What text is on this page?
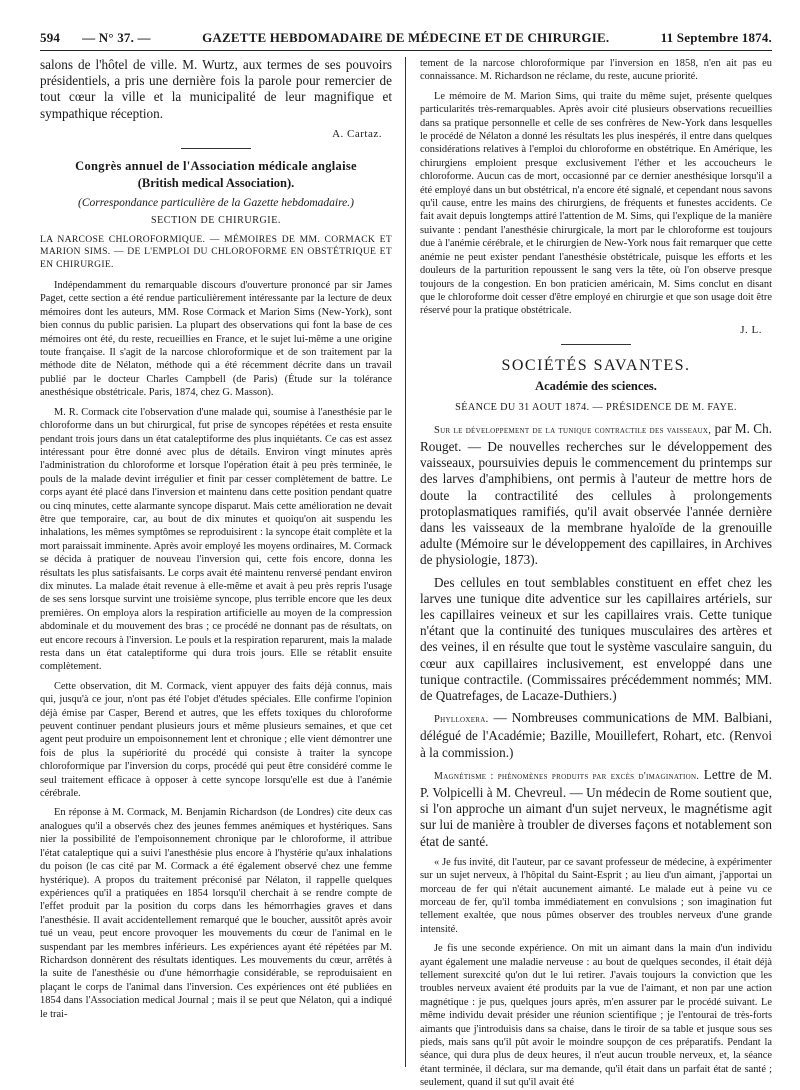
594 — N° 37. —	GAZETTE HEBDOMADAIRE DE MÉDECINE ET DE CHIRURGIE.	11 Septembre 1874.

salons de l'hôtel de ville. M. Wurtz, aux termes de ses pouvoirs présidentiels, a pris une dernière fois la parole pour remercier de tout cœur la ville et la municipalité de leur magnifique et sympathique réception.

A. Cartaz.
Congrès annuel de l'Association médicale anglaise
(British medical Association).
(Correspondance particulière de la Gazette hebdomadaire.)
SECTION DE CHIRURGIE.

LA NARCOSE CHLOROFORMIQUE. — MÉMOIRES DE MM. CORMACK ET MARION SIMS. — DE L'EMPLOI DU CHLOROFORME EN OBSTÉTRIQUE ET EN CHIRURGIE.

Indépendamment du remarquable discours d'ouverture prononcé par sir James Paget, cette section a été rendue particulièrement intéressante par la lecture de deux mémoires dont les auteurs, MM. Rose Cormack et Marion Sims (New-York), sont bien connus du public parisien. La plupart des observations qui font la base de ces mémoires ont été, du reste, recueillies en France, et le sujet lui-même a une origine toute française. Il s'agit de la narcose chloroformique et de son traitement par la méthode dite de Nélaton, méthode qui a été récemment décrite dans un travail publié par le docteur Charles Campbell (de Paris) (Étude sur la tolérance anesthésique obstétricale. Paris, 1874, chez G. Masson).

M. R. Cormack cite l'observation d'une malade qui, soumise à l'anesthésie par le chloroforme dans un but chirurgical, fut prise de syncopes répétées et resta ensuite pendant trois jours dans un état cataleptiforme des plus inquiétants. Ce cas est assez intéressant pour être donné avec plus de détails. Environ vingt minutes après l'administration du chloroforme et lorsque l'opération était à peu près terminée, le pouls de la malade devint irrégulier et finit par cesser complètement de battre. Le corps ayant été placé dans l'inversion et maintenu dans cette position pendant quatre ou cinq minutes, cette alarmante syncope disparut. Mais cette amélioration ne devait être que temporaire, car, au bout de dix minutes et quoiqu'on ait suspendu les inhalations, les mêmes symptômes se reproduisirent : la syncope était complète et la mort paraissait imminente. Après avoir employé les moyens ordinaires, M. Cormack se décida à pratiquer de nouveau l'inversion qui, cette fois encore, donna les résultats les plus satisfaisants. Le corps avait été maintenu renversé pendant environ dix minutes. La malade était revenue à elle-même et avait à peu près repris l'usage de ses sens lorsque survint une troisième syncope, plus terrible encore que les deux premières. On employa alors la respiration artificielle au moyen de la compression abdominale et du mouvement des bras ; ce procédé ne donnant pas de résultats, on eut encore recours à l'inversion. Le pouls et la respiration reparurent, mais la malade resta dans un état cataleptiforme qui dura trois jours. Elle se rétablit ensuite complètement.

Cette observation, dit M. Cormack, vient appuyer des faits déjà connus, mais qui, jusqu'à ce jour, n'ont pas été l'objet d'études spéciales. Elle confirme l'opinion déjà émise par Casper, Berend et autres, que les effets toxiques du chloroforme peuvent continuer pendant plusieurs jours et même plusieurs semaines, et que cet agent peut produire un empoisonnement lent et chronique ; elle vient démontrer une fois de plus la supériorité du procédé qui consiste à traiter la syncope chloroformique par l'inversion du corps, procédé qui peut être considéré comme le seul traitement efficace à opposer à cette syncope lorsqu'elle est due à l'anémie cérébrale.

En réponse à M. Cormack, M. Benjamin Richardson (de Londres) cite deux cas analogues qu'il a observés chez des jeunes femmes anémiques et hystériques. Sans nier la possibilité de l'empoisonnement chronique par le chloroforme, il attribue l'état cataleptique qui a suivi l'anesthésie plus encore à l'hystérie qu'aux inhalations du poison (le cas cité par M. Cormack a été également observé chez une femme hystérique). A propos du traitement préconisé par Nélaton, il rappelle quelques expériences qu'il a pratiquées en 1854 lorsqu'il cherchait à se rendre compte de l'effet produit par la position du corps dans les hémorrhagies graves et dans l'anesthésie. Il avait accidentellement remarqué que le boucher, aussitôt après avoir tué un veau, peut encore provoquer les mouvements du cœur de l'animal en le suspendant par les membres inférieurs. Les expériences ayant été répétées par M. Richardson donnèrent des résultats identiques. Les mouvements du cœur, arrêtés à la suite de l'anesthésie ou d'une hémorrhagie considérable, se reproduisaient en plaçant le corps de l'animal dans l'inversion. Ces expériences ont été publiées en 1854 dans l'Association medical Journal ; mais il se peut que Nélaton, qui a indiqué le trai-

tement de la narcose chloroformique par l'inversion en 1858, n'en ait pas eu connaissance. M. Richardson ne réclame, du reste, aucune priorité.

Le mémoire de M. Marion Sims, qui traite du même sujet, présente quelques particularités très-remarquables. Après avoir cité plusieurs observations recueillies dans sa pratique personnelle et celle de ses confrères de New-York dans lesquelles le procédé de Nélaton a donné les résultats les plus inespérés, il entre dans quelques considérations relatives à l'emploi du chloroforme en obstétrique. En Amérique, les chirurgiens emploient presque exclusivement l'éther et les accoucheurs le chloroforme. Aucun cas de mort, occasionné par ce dernier anesthésique lorsqu'il a été employé dans un but obstétrical, n'a encore été signalé, et cependant nous savons qu'il cause, entre les mains des chirurgiens, de fréquents et funestes accidents. Ce fait avait depuis longtemps attiré l'attention de M. Sims, qui l'explique de la manière suivante : pendant l'anesthésie chirurgicale, la mort par le chloroforme est toujours due à l'anémie cérébrale, et le chirurgien de New-York nous fait remarquer que cette anémie ne peut exister pendant l'anesthésie obstétricale, puisque les efforts et les douleurs de la parturition repoussent le sang vers la tête, où l'on observe presque toujours de la congestion. En bon praticien américain, M. Sims conclut en disant que le chloroforme doit cesser d'être employé en chirurgie et que son usage doit être réservé pour la pratique obstétricale.

J. L.
SOCIÉTÉS SAVANTES.
Académie des sciences.
SÉANCE DU 31 AOUT 1874. — PRÉSIDENCE DE M. FAYE.

Sur le développement de la tunique contractile des vaisseaux, par M. Ch. Rouget. — De nouvelles recherches sur le développement des vaisseaux, poursuivies depuis le commencement du printemps sur des larves d'amphibiens, ont permis à l'auteur de mettre hors de doute la contractilité des cellules à prolongements protoplasmatiques ramifiés, qu'il avait observée l'année dernière dans les vaisseaux de la membrane hyaloïde de la grenouille adulte (Mémoire sur le développement des capillaires, in Archives de physiologie, 1873).

Des cellules en tout semblables constituent en effet chez les larves une tunique dite adventice sur les capillaires artériels, sur les capillaires veineux et sur les capillaires vrais. Cette tunique n'étant que la continuité des tuniques musculaires des artères et des veines, il en résulte que tout le système vasculaire sanguin, du cœur aux capillaires inclusivement, est enveloppé dans une tunique contractile. (Commissaires précédemment nommés; MM. de Quatrefages, de Lacaze-Duthiers.)

Phylloxera. — Nombreuses communications de MM. Balbiani, délégué de l'Académie; Bazille, Mouillefert, Rohart, etc. (Renvoi à la commission.)

Magnétisme : phénomènes produits par excès d'imagination. Lettre de M. P. Volpicelli à M. Chevreul. — Un médecin de Rome soutient que, si l'on approche un aimant d'un sujet nerveux, le magnétisme agit sur lui de manière à troubler de diverses façons et notablement son état de santé.

« Je fus invité, dit l'auteur, par ce savant professeur de médecine, à expérimenter sur un sujet nerveux, à l'hôpital du Saint-Esprit ; au lieu d'un aimant, j'apportai un morceau de fer qui n'était aucunement aimanté. Le malade eut à peine vu ce morceau de fer, qu'il tomba immédiatement en convulsions ; son imagination fut tellement exaltée, que nous pûmes observer des troubles nerveux d'une grande intensité.

Je fis une seconde expérience. On mit un aimant dans la main d'un individu ayant également une maladie nerveuse : au bout de quelques secondes, il était déjà tellement surexcité qu'on dut le lui retirer. J'avais toujours la conviction que les troubles nerveux avaient été produits par la vue de l'aimant, et non par une action magnétique : je pus, quelques jours après, m'en assurer par le procédé suivant. Le même individu devait présider une réunion scientifique ; je l'entourai de très-forts aimants que j'introduisis dans sa chaise, dans le tiroir de sa table et jusque sous ses pieds, mais sans qu'il pût avoir le moindre soupçon de ces préparatifs. Pendant la séance, qui dura plus de deux heures, il n'eut aucun trouble nerveux, et, la séance étant terminée, il déclara, sur ma demande, qu'il était dans un parfait état de santé ; seulement, quand il sut qu'il avait été
